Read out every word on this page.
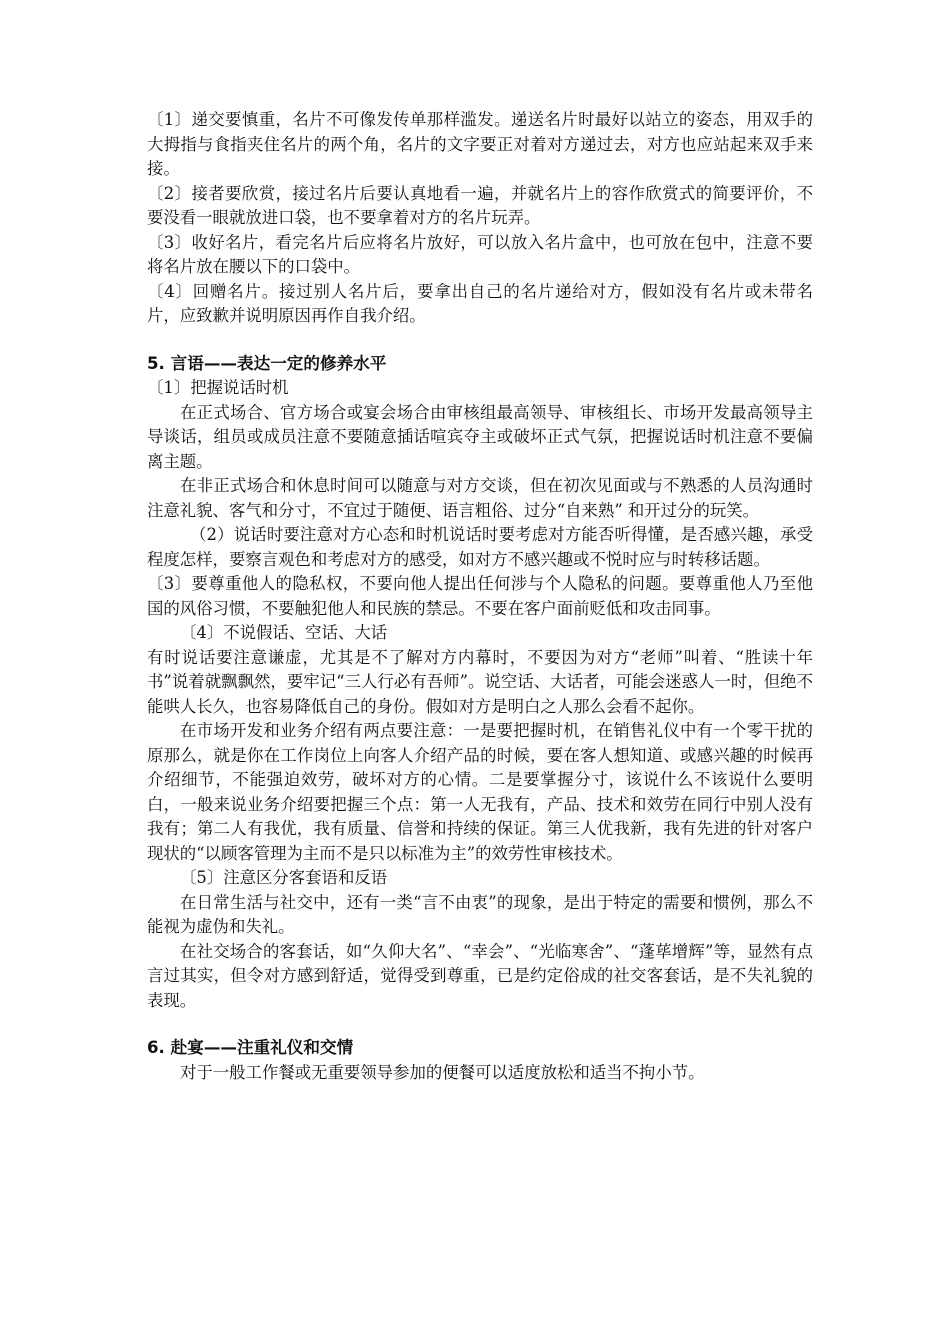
〔1〕递交要慎重，名片不可像发传单那样滥发。递送名片时最好以站立的姿态，用双手的大拇指与食指夹住名片的两个角，名片的文字要正对着对方递过去，对方也应站起来双手来接。

〔2〕接者要欣赏，接过名片后要认真地看一遍，并就名片上的容作欣赏式的简要评价，不要没看一眼就放进口袋，也不要拿着对方的名片玩弄。

〔3〕收好名片，看完名片后应将名片放好，可以放入名片盒中，也可放在包中，注意不要将名片放在腰以下的口袋中。

〔4〕回赠名片。接过别人名片后，要拿出自己的名片递给对方，假如没有名片或未带名片，应致歉并说明原因再作自我介绍。

5. 言语——表达一定的修养水平

〔1〕把握说话时机

在正式场合、官方场合或宴会场合由审核组最高领导、审核组长、市场开发最高领导主导谈话，组员或成员注意不要随意插话喧宾夺主或破坏正式气氛，把握说话时机注意不要偏离主题。

在非正式场合和休息时间可以随意与对方交谈，但在初次见面或与不熟悉的人员沟通时注意礼貌、客气和分寸，不宜过于随便、语言粗俗、过分“自来熟” 和开过分的玩笑。

（2）说话时要注意对方心态和时机说话时要考虑对方能否听得懂，是否感兴趣，承受程度怎样，要察言观色和考虑对方的感受，如对方不感兴趣或不悦时应与时转移话题。

〔3〕要尊重他人的隐私权，不要向他人提出任何涉与个人隐私的问题。要尊重他人乃至他国的风俗习惯，不要触犯他人和民族的禁忌。不要在客户面前贬低和攻击同事。

〔4〕不说假话、空话、大话

有时说话要注意谦虚，尤其是不了解对方内幕时，不要因为对方“老师”叫着、“胜读十年书”说着就飘飘然，要牢记“三人行必有吾师”。说空话、大话者，可能会迷惑人一时，但绝不能哄人长久，也容易降低自己的身份。假如对方是明白之人那么会看不起你。

在市场开发和业务介绍有两点要注意：一是要把握时机，在销售礼仪中有一个零干扰的原那么，就是你在工作岗位上向客人介绍产品的时候，要在客人想知道、或感兴趣的时候再介绍细节，不能强迫效劳，破坏对方的心情。二是要掌握分寸，该说什么不该说什么要明白，一般来说业务介绍要把握三个点：第一人无我有，产品、技术和效劳在同行中别人没有我有；第二人有我优，我有质量、信誉和持续的保证。第三人优我新，我有先进的针对客户现状的“以顾客管理为主而不是只以标准为主”的效劳性审核技术。

〔5〕注意区分客套语和反语

在日常生活与社交中，还有一类“言不由衷”的现象，是出于特定的需要和惯例，那么不能视为虚伪和失礼。

在社交场合的客套话，如“久仰大名”、“幸会”、“光临寒舍”、“蓬荜增辉”等，显然有点言过其实，但令对方感到舒适，觉得受到尊重，已是约定俗成的社交客套话，是不失礼貌的表现。

6. 赴宴——注重礼仪和交情

对于一般工作餐或无重要领导参加的便餐可以适度放松和适当不拘小节。
